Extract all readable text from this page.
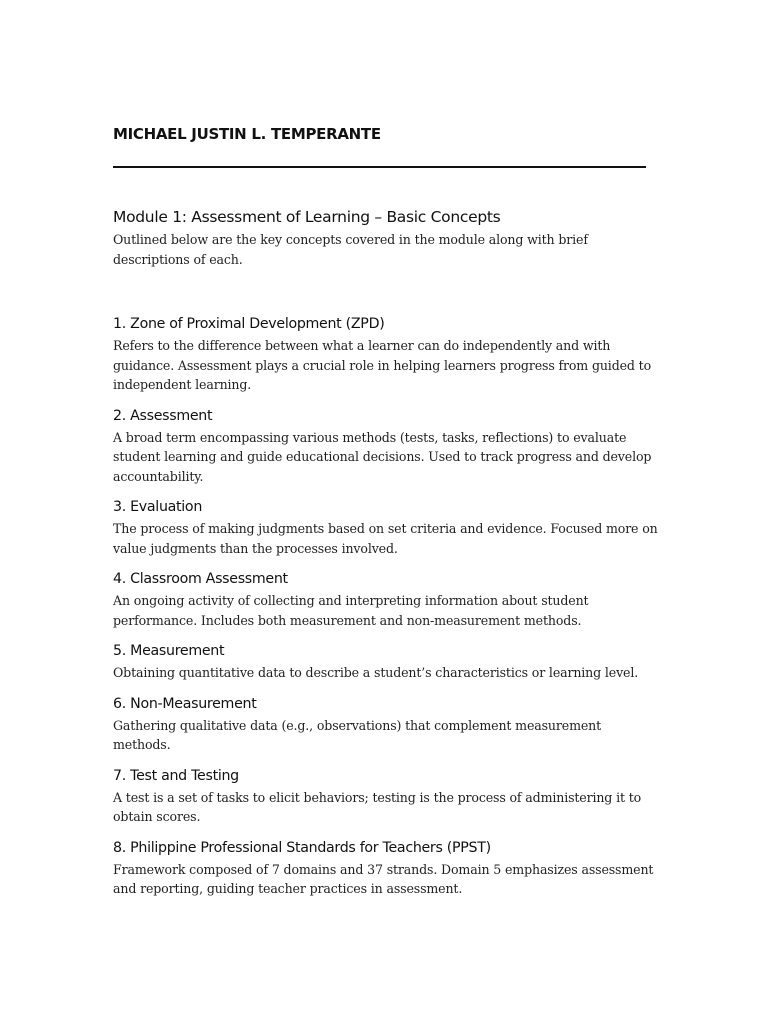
MICHAEL JUSTIN L. TEMPERANTE
Module 1: Assessment of Learning – Basic Concepts

Outlined below are the key concepts covered in the module along with brief descriptions of each.

1. Zone of Proximal Development (ZPD)

Refers to the difference between what a learner can do independently and with guidance. Assessment plays a crucial role in helping learners progress from guided to independent learning.

2. Assessment

A broad term encompassing various methods (tests, tasks, reflections) to evaluate student learning and guide educational decisions. Used to track progress and develop accountability.

3. Evaluation

The process of making judgments based on set criteria and evidence. Focused more on value judgments than the processes involved.

4. Classroom Assessment

An ongoing activity of collecting and interpreting information about student performance. Includes both measurement and non-measurement methods.

5. Measurement

Obtaining quantitative data to describe a student’s characteristics or learning level.

6. Non-Measurement

Gathering qualitative data (e.g., observations) that complement measurement methods.

7. Test and Testing

A test is a set of tasks to elicit behaviors; testing is the process of administering it to obtain scores.

8. Philippine Professional Standards for Teachers (PPST)

Framework composed of 7 domains and 37 strands. Domain 5 emphasizes assessment and reporting, guiding teacher practices in assessment.
